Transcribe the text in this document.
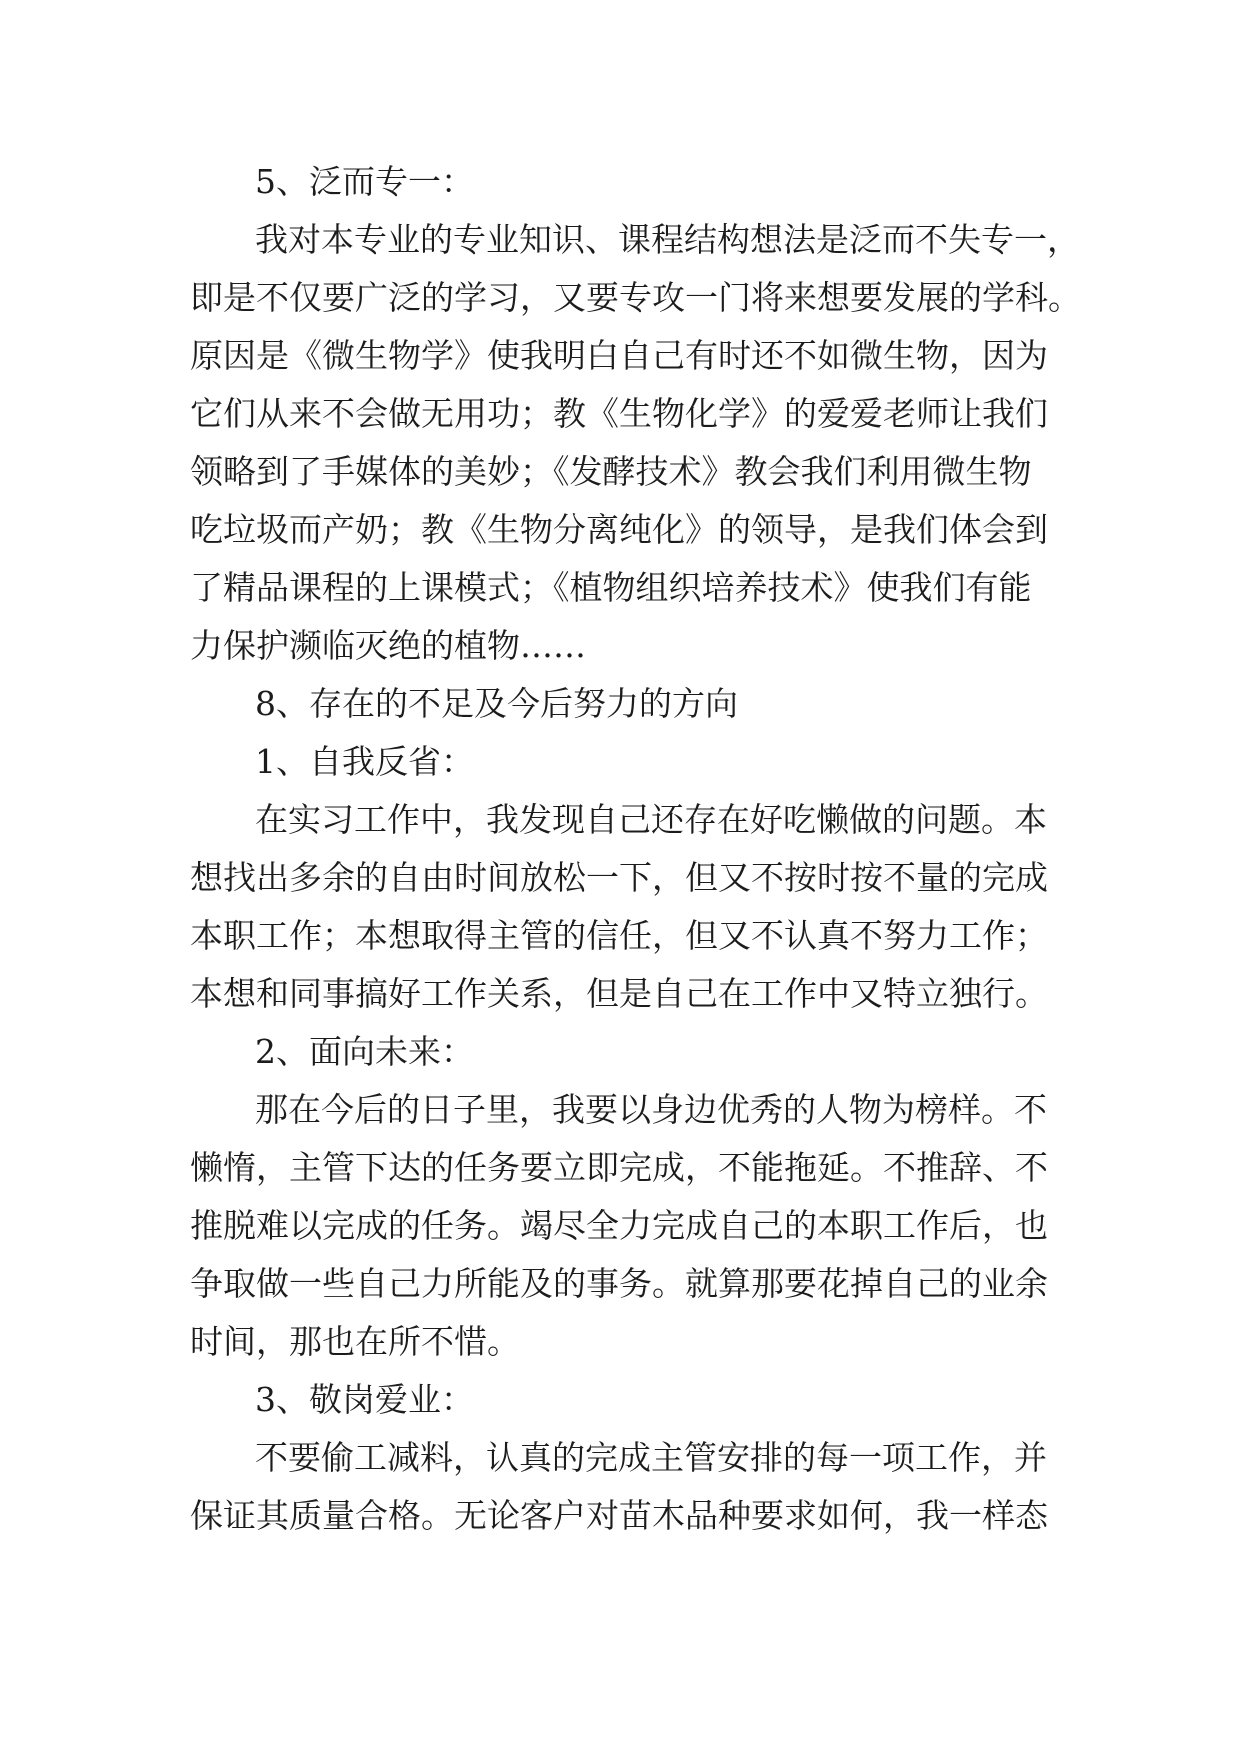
5、泛而专一：
我对本专业的专业知识、课程结构想法是泛而不失专一，
即是不仅要广泛的学习，又要专攻一门将来想要发展的学科。
原因是《微生物学》使我明白自己有时还不如微生物，因为
它们从来不会做无用功；教《生物化学》的爱爱老师让我们
领略到了手媒体的美妙；《发酵技术》教会我们利用微生物
吃垃圾而产奶；教《生物分离纯化》的领导，是我们体会到
了精品课程的上课模式；《植物组织培养技术》使我们有能
力保护濒临灭绝的植物……
8、存在的不足及今后努力的方向
1、自我反省：
在实习工作中，我发现自己还存在好吃懒做的问题。本
想找出多余的自由时间放松一下，但又不按时按不量的完成
本职工作；本想取得主管的信任，但又不认真不努力工作；
本想和同事搞好工作关系，但是自己在工作中又特立独行。
2、面向未来：
那在今后的日子里，我要以身边优秀的人物为榜样。不
懒惰，主管下达的任务要立即完成，不能拖延。不推辞、不
推脱难以完成的任务。竭尽全力完成自己的本职工作后，也
争取做一些自己力所能及的事务。就算那要花掉自己的业余
时间，那也在所不惜。
3、敬岗爱业：
不要偷工减料，认真的完成主管安排的每一项工作，并
保证其质量合格。无论客户对苗木品种要求如何，我一样态
